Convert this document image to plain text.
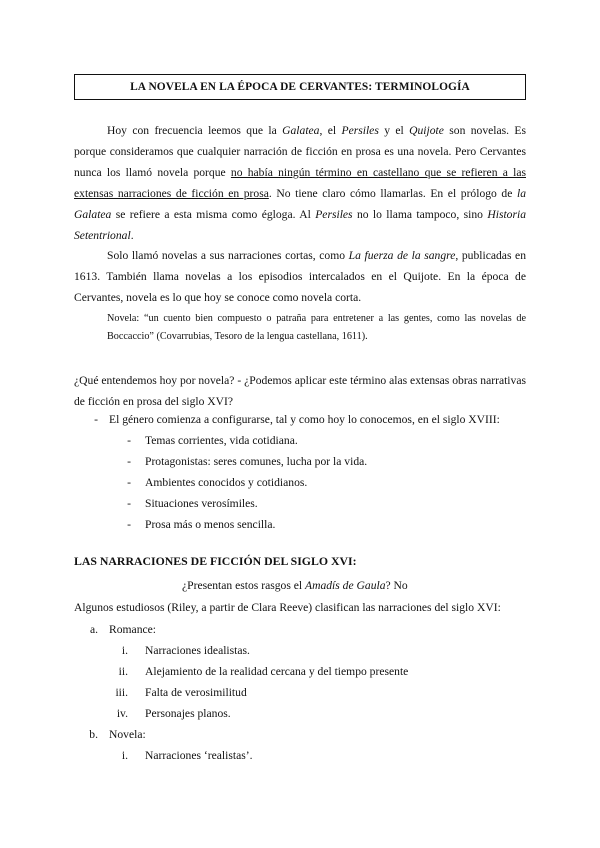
LA NOVELA EN LA ÉPOCA DE CERVANTES: TERMINOLOGÍA
Hoy con frecuencia leemos que la Galatea, el Persiles y el Quijote son novelas. Es porque consideramos que cualquier narración de ficción en prosa es una novela. Pero Cervantes nunca los llamó novela porque no había ningún término en castellano que se refieren a las extensas narraciones de ficción en prosa. No tiene claro cómo llamarlas. En el prólogo de la Galatea se refiere a esta misma como égloga. Al Persiles no lo llama tampoco, sino Historia Setentrional.
Solo llamó novelas a sus narraciones cortas, como La fuerza de la sangre, publicadas en 1613. También llama novelas a los episodios intercalados en el Quijote. En la época de Cervantes, novela es lo que hoy se conoce como novela corta.
Novela: “un cuento bien compuesto o patraña para entretener a las gentes, como las novelas de Boccaccio” (Covarrubias, Tesoro de la lengua castellana, 1611).
¿Qué entendemos hoy por novela? - ¿Podemos aplicar este término alas extensas obras narrativas de ficción en prosa del siglo XVI?
- El género comienza a configurarse, tal y como hoy lo conocemos, en el siglo XVIII:
- Temas corrientes, vida cotidiana.
- Protagonistas: seres comunes, lucha por la vida.
- Ambientes conocidos y cotidianos.
- Situaciones verosímiles.
- Prosa más o menos sencilla.
LAS NARRACIONES DE FICCIÓN DEL SIGLO XVI:
¿Presentan estos rasgos el Amadís de Gaula? No
Algunos estudiosos (Riley, a partir de Clara Reeve) clasifican las narraciones del siglo XVI:
a. Romance:
i. Narraciones idealistas.
ii. Alejamiento de la realidad cercana y del tiempo presente
iii. Falta de verosimilitud
iv. Personajes planos.
b. Novela:
i. Narraciones ‘realistas’.
